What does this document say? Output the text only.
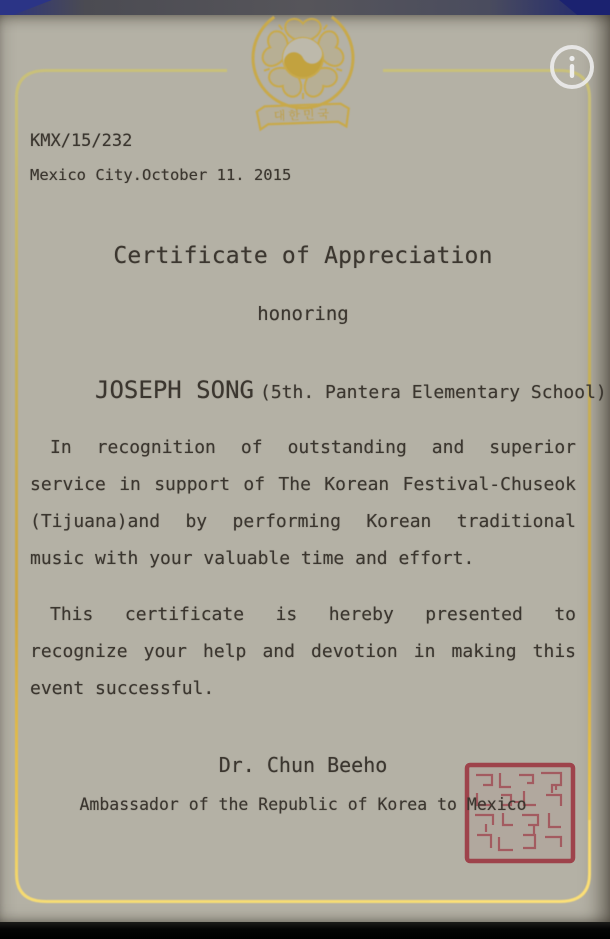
대한민국
KMX/15/232
Mexico City.October 11. 2015
Certificate of Appreciation
honoring

JOSEPH SONG (5th. Pantera Elementary School)

In recognition of outstanding and superior service in support of The Korean Festival-Chuseok (Tijuana)and by performing Korean traditional music with your valuable time and effort.

This certificate is hereby presented to recognize your help and devotion in making this event successful.

Dr. Chun Beeho
Ambassador of the Republic of Korea to Mexico
